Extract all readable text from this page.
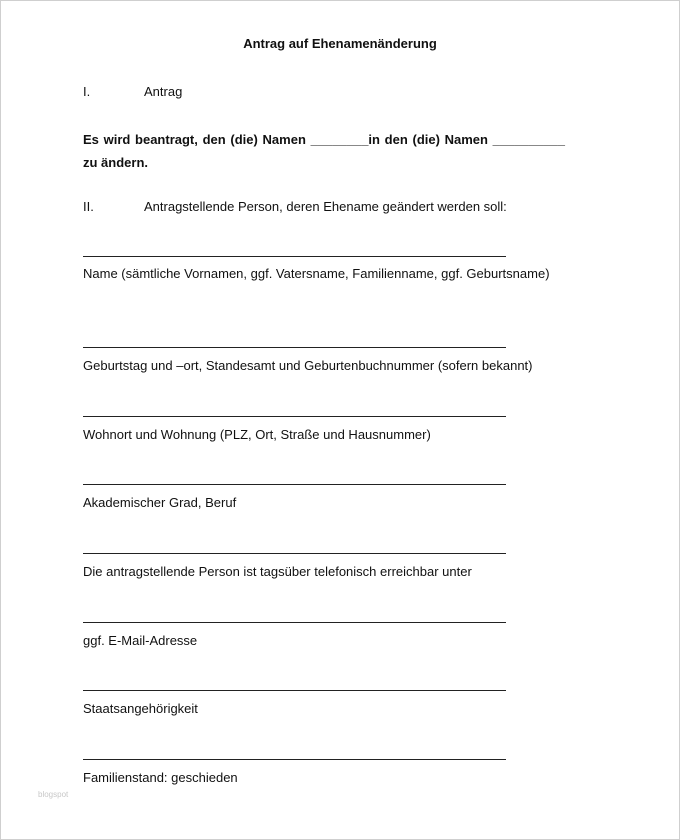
Antrag auf Ehenamenänderung
I.	Antrag
Es wird beantragt, den (die) Namen ________in den (die) Namen __________ zu ändern.
II.	Antragstellende Person, deren Ehename geändert werden soll:
Name (sämtliche Vornamen, ggf. Vatersname, Familienname, ggf. Geburtsname)
Geburtstag und –ort, Standesamt und Geburtenbuchnummer (sofern bekannt)
Wohnort und Wohnung (PLZ, Ort, Straße und Hausnummer)
Akademischer Grad, Beruf
Die antragstellende Person ist tagsüber telefonisch erreichbar unter
ggf. E-Mail-Adresse
Staatsangehörigkeit
Familienstand: geschieden
blogspot
